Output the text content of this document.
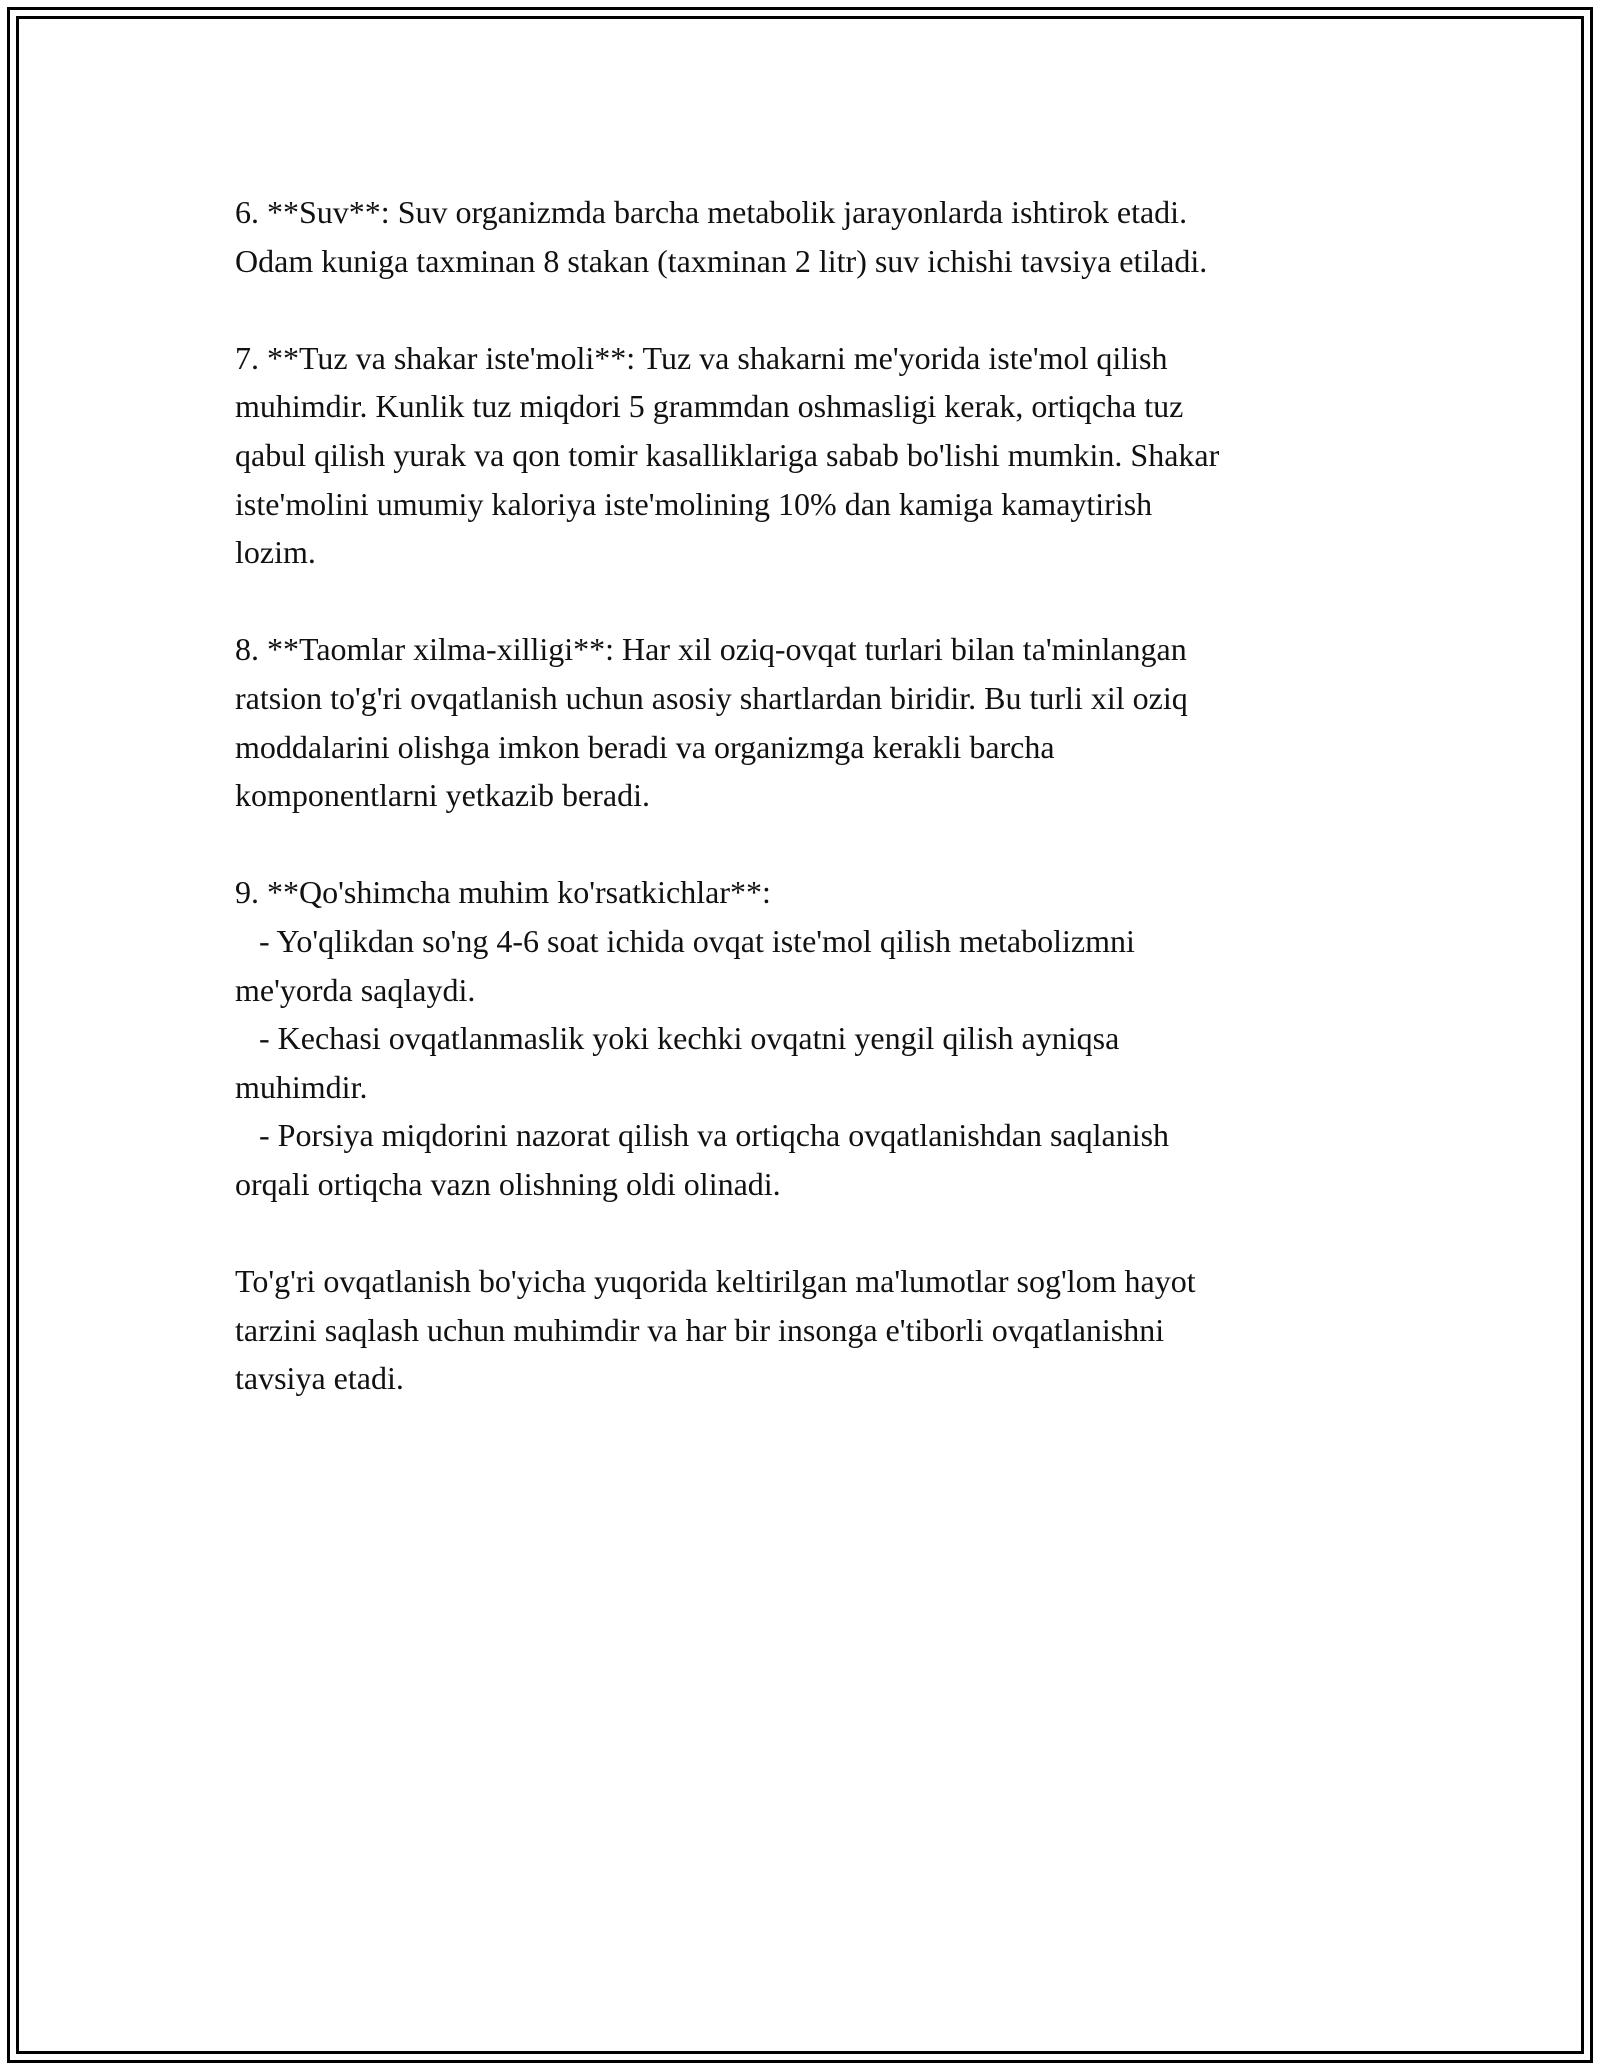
6. **Suv**: Suv organizmda barcha metabolik jarayonlarda ishtirok etadi.
Odam kuniga taxminan 8 stakan (taxminan 2 litr) suv ichishi tavsiya etiladi.

7. **Tuz va shakar iste'moli**: Tuz va shakarni me'yorida iste'mol qilish
muhimdir. Kunlik tuz miqdori 5 grammdan oshmasligi kerak, ortiqcha tuz
qabul qilish yurak va qon tomir kasalliklariga sabab bo'lishi mumkin. Shakar
iste'molini umumiy kaloriya iste'molining 10% dan kamiga kamaytirish
lozim.

8. **Taomlar xilma-xilligi**: Har xil oziq-ovqat turlari bilan ta'minlangan
ratsion to'g'ri ovqatlanish uchun asosiy shartlardan biridir. Bu turli xil oziq
moddalarini olishga imkon beradi va organizmga kerakli barcha
komponentlarni yetkazib beradi.

9. **Qo'shimcha muhim ko'rsatkichlar**:
- Yo'qlikdan so'ng 4-6 soat ichida ovqat iste'mol qilish metabolizmni
me'yorda saqlaydi.
- Kechasi ovqatlanmaslik yoki kechki ovqatni yengil qilish ayniqsa
muhimdir.
- Porsiya miqdorini nazorat qilish va ortiqcha ovqatlanishdan saqlanish
orqali ortiqcha vazn olishning oldi olinadi.

To'g'ri ovqatlanish bo'yicha yuqorida keltirilgan ma'lumotlar sog'lom hayot
tarzini saqlash uchun muhimdir va har bir insonga e'tiborli ovqatlanishni
tavsiya etadi.
